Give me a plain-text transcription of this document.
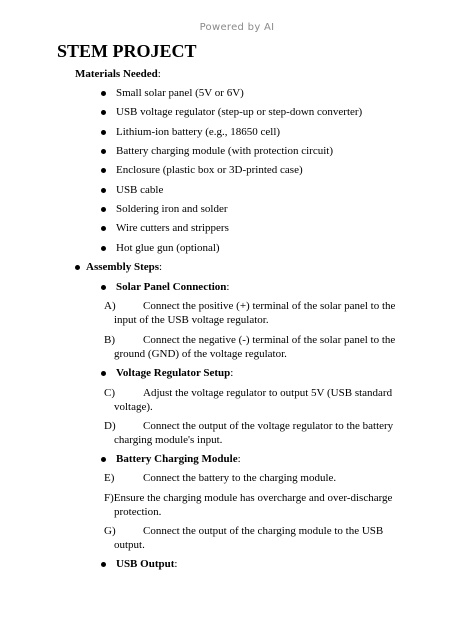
Powered by AI
STEM PROJECT
Materials Needed:
Small solar panel (5V or 6V)
USB voltage regulator (step-up or step-down converter)
Lithium-ion battery (e.g., 18650 cell)
Battery charging module (with protection circuit)
Enclosure (plastic box or 3D-printed case)
USB cable
Soldering iron and solder
Wire cutters and strippers
Hot glue gun (optional)
Assembly Steps:
Solar Panel Connection:
A) Connect the positive (+) terminal of the solar panel to the
input of the USB voltage regulator.
B)	Connect the negative (-) terminal of the solar panel to the
ground (GND) of the voltage regulator.
Voltage Regulator Setup:
C)	Adjust the voltage regulator to output 5V (USB standard
voltage).
D) Connect the output of the voltage regulator to the battery
charging module's input.
Battery Charging Module:
E)	Connect the battery to the charging module.
F)Ensure the charging module has overcharge and over-discharge
protection.
G) Connect the output of the charging module to the USB
output.
USB Output:
